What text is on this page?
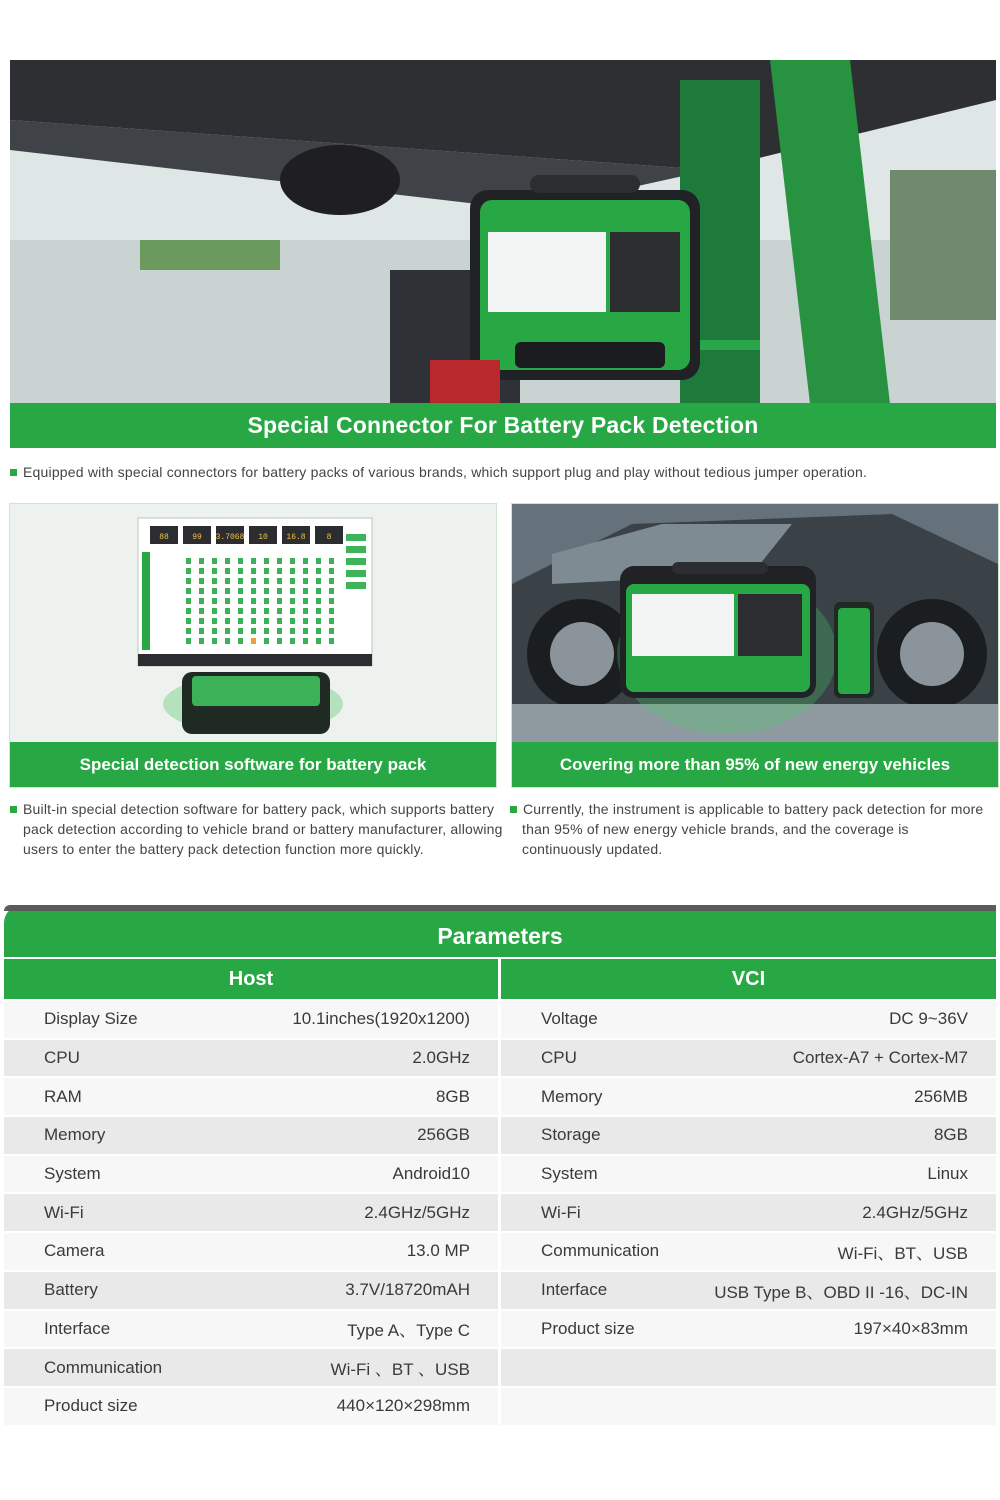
Special Connector For Battery Pack Detection
Equipped with special connectors for battery packs of various brands, which support plug and play without tedious jumper operation.
88	99 3.7068 10 16.8	8
Special detection software for battery pack	Covering more than 95% of new energy vehicles
Built-in special detection software for battery pack, which supports battery pack detection according to vehicle brand or battery manufacturer, allowing users to enter the battery pack detection function more quickly.
Currently, the instrument is applicable to battery pack detection for more than 95% of new energy vehicle brands, and the coverage is continuously updated.
Parameters
Host	VCI
Display Size	10.1inches(1920x1200)
CPU	2.0GHz
RAM	8GB
Memory	256GB
System	Android10
Wi-Fi	2.4GHz/5GHz
Camera	13.0 MP
Battery	3.7V/18720mAH
Interface	Type A、Type C
Communication	Wi-Fi 、BT 、USB
Product size	440×120×298mm
Voltage	DC 9~36V
CPU	Cortex-A7 + Cortex-M7
Memory	256MB
Storage	8GB
System	Linux
Wi-Fi	2.4GHz/5GHz
Communication	Wi-Fi、BT、USB
Interface	USB Type B、OBD II -16、DC-IN
Product size	197×40×83mm
